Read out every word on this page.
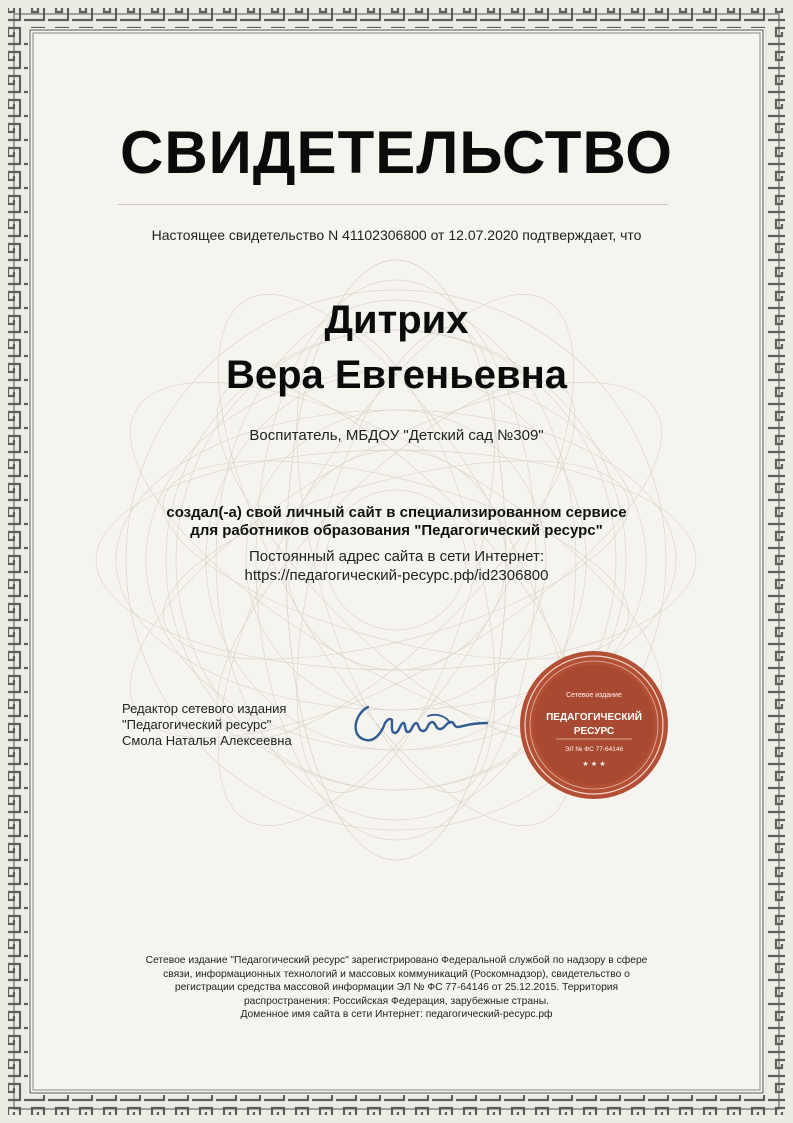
СВИДЕТЕЛЬСТВО
Настоящее свидетельство N 41102306800 от 12.07.2020 подтверждает, что
Дитрих
Вера Евгеньевна
Воспитатель, МБДОУ "Детский сад №309"
создал(-а) свой личный сайт в специализированном сервисе
для работников образования "Педагогический ресурс"
Постоянный адрес сайта в сети Интернет:
https://педагогический-ресурс.рф/id2306800
Редактор сетевого издания
"Педагогический ресурс"
Смола Наталья Алексеевна
Сетевое издание
ПЕДАГОГИЧЕСКИЙ
РЕСУРС
ЭЛ № ФС 77-64146
★ ★ ★
Сетевое издание "Педагогический ресурс" зарегистрировано Федеральной службой по надзору в сфере
связи, информационных технологий и массовых коммуникаций (Роскомнадзор), свидетельство о
регистрации средства массовой информации ЭЛ № ФС 77-64146 от 25.12.2015. Территория
распространения: Российская Федерация, зарубежные страны.
Доменное имя сайта в сети Интернет: педагогический-ресурс.рф
